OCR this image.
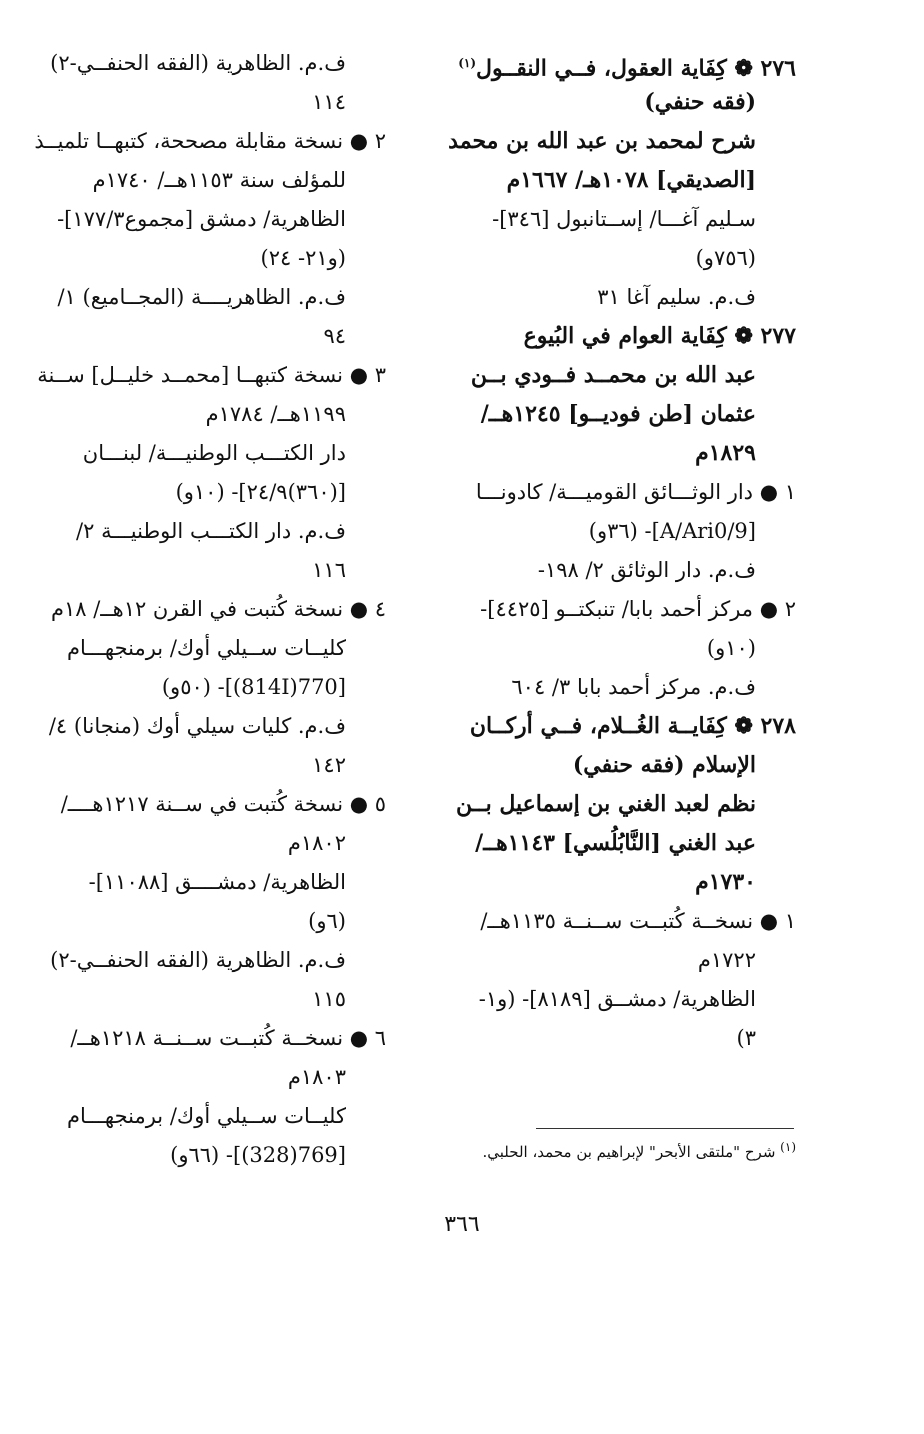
٢٧٦ ❁ كِفَاية العقول، فــي النقــول$^{(١)}$
(فقه حنفي)
شرح لمحمد بن عبد الله بن محمد
[الصديقي] ١٠٧٨هـ/ ١٦٦٧م
سـليم آغـــا/ إســتانبول [٣٤٦]-
(٧٥٦و)
ف.م. سليم آغا ٣١
٢٧٧ ❁ كِفَاية العوام في البُيوع
عبد الله بن محمــد فــودي بــن
عثمان [طن فوديــو] ١٢٤٥هــ/
١٨٢٩م
١ ● دار الوثـــائق القوميـــة/ كادونـــا
[A/Ari0/9]- (٣٦و)
ف.م. دار الوثائق ٢/ ١٩٨-
٢ ● مركز أحمد بابا/ تنبكتــو [٤٤٢٥]-
(١٠و)
ف.م. مركز أحمد بابا ٣/ ٦٠٤
٢٧٨ ❁ كِفَايــة الغُــلام، فــي أركــان
الإسلام (فقه حنفي)
نظم لعبد الغني بن إسماعيل بــن
عبد الغني [النَّابُلُسي] ١١٤٣هــ/
١٧٣٠م
١ ● نسخــة كُتبــت ســنــة ١١٣٥هــ/
١٧٢٢م
الظاهرية/ دمشــق [٨١٨٩]- (و١-
٣)
ف.م. الظاهرية (الفقه الحنفــي-٢)
١١٤
٢ ● نسخة مقابلة مصححة، كتبهــا تلميــذ
للمؤلف سنة ١١٥٣هــ/ ١٧٤٠م
الظاهرية/ دمشق [مجموع١٧٧/٣]-
(و٢١- ٢٤)
ف.م. الظاهريــــة (المجــاميع) ١/
٩٤
٣ ● نسخة كتبهــا [محمــد خليــل] ســنة
١١٩٩هــ/ ١٧٨٤م
دار الكتـــب الوطنيـــة/ لبنـــان
[(٣٦٠)٢٤/٩]- (١٠و)
ف.م. دار الكتـــب الوطنيـــة ٢/
١١٦
٤ ● نسخة كُتبت في القرن ١٢هــ/ ١٨م
كليــات ســيلي أوك/ برمنجهـــام
[770(814I)]- (٥٠و)
ف.م. كليات سيلي أوك (منجانا) ٤/
١٤٢
٥ ● نسخة كُتبت في ســنة ١٢١٧هــــ/
١٨٠٢م
الظاهرية/ دمشــــق [١١٠٨٨]-
(٦و)
ف.م. الظاهرية (الفقه الحنفــي-٢)
١١٥
٦ ● نسخــة كُتبــت ســنــة ١٢١٨هــ/
١٨٠٣م
كليــات ســيلي أوك/ برمنجهـــام
[769(328)]- (٦٦و)	$^{(١)}$ شرح "ملتقى الأبحر" لإبراهيم بن محمد، الحلبي.
٣٦٦
